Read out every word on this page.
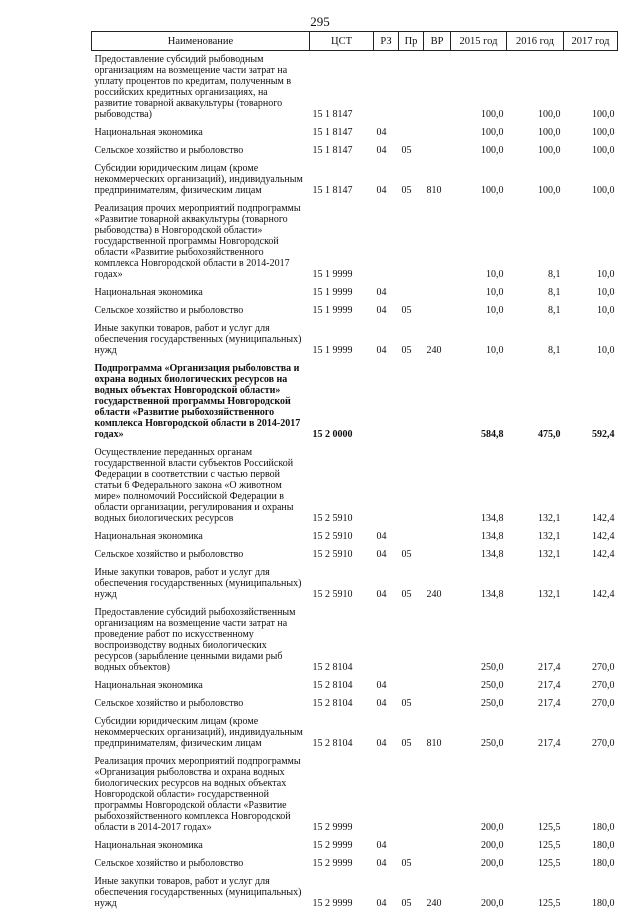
295
Наименование	ЦСТ	РЗ	Пр	ВР	2015 год	2016 год	2017 год
Предоставление субсидий рыбоводным организациям на возмещение части затрат на уплату процентов по кредитам, полученным в российских кредитных организациях, на развитие товарной аквакультуры (товарного рыбоводства)	15 1 8147				100,0	100,0	100,0
Национальная экономика	15 1 8147	04			100,0	100,0	100,0
Сельское хозяйство и рыболовство	15 1 8147	04	05		100,0	100,0	100,0
Субсидии юридическим лицам (кроме некоммерческих организаций), индивидуальным предпринимателям, физическим лицам	15 1 8147	04	05	810	100,0	100,0	100,0
Реализация прочих мероприятий подпрограммы «Развитие товарной аквакультуры (товарного рыбоводства) в Новгородской области» государственной программы Новгородской области «Развитие рыбохозяйственного комплекса Новгородской области в 2014-2017 годах»	15 1 9999				10,0	8,1	10,0
Национальная экономика	15 1 9999	04			10,0	8,1	10,0
Сельское хозяйство и рыболовство	15 1 9999	04	05		10,0	8,1	10,0
Иные закупки товаров, работ и услуг для обеспечения государственных (муниципальных) нужд	15 1 9999	04	05	240	10,0	8,1	10,0
Подпрограмма «Организация рыболовства и охрана водных биологических ресурсов на водных объектах Новгородской области» государственной программы Новгородской области «Развитие рыбохозяйственного комплекса Новгородской области в 2014-2017 годах»	15 2 0000				584,8	475,0	592,4
Осуществление переданных органам государственной власти субъектов Российской Федерации в соответствии с частью первой статьи 6 Федерального закона «О животном мире» полномочий Российской Федерации в области организации, регулирования и охраны водных биологических ресурсов	15 2 5910				134,8	132,1	142,4
Национальная экономика	15 2 5910	04			134,8	132,1	142,4
Сельское хозяйство и рыболовство	15 2 5910	04	05		134,8	132,1	142,4
Иные закупки товаров, работ и услуг для обеспечения государственных (муниципальных) нужд	15 2 5910	04	05	240	134,8	132,1	142,4
Предоставление субсидий рыбохозяйственным организациям на возмещение части затрат на проведение работ по искусственному воспроизводству водных биологических ресурсов (зарыбление ценными видами рыб водных объектов)	15 2 8104				250,0	217,4	270,0
Национальная экономика	15 2 8104	04			250,0	217,4	270,0
Сельское хозяйство и рыболовство	15 2 8104	04	05		250,0	217,4	270,0
Субсидии юридическим лицам (кроме некоммерческих организаций), индивидуальным предпринимателям, физическим лицам	15 2 8104	04	05	810	250,0	217,4	270,0
Реализация прочих мероприятий подпрограммы «Организация рыболовства и охрана водных биологических ресурсов на водных объектах Новгородской области» государственной программы Новгородской области «Развитие рыбохозяйственного комплекса Новгородской области в 2014-2017 годах»	15 2 9999				200,0	125,5	180,0
Национальная экономика	15 2 9999	04			200,0	125,5	180,0
Сельское хозяйство и рыболовство	15 2 9999	04	05		200,0	125,5	180,0
Иные закупки товаров, работ и услуг для обеспечения государственных (муниципальных) нужд	15 2 9999	04	05	240	200,0	125,5	180,0
